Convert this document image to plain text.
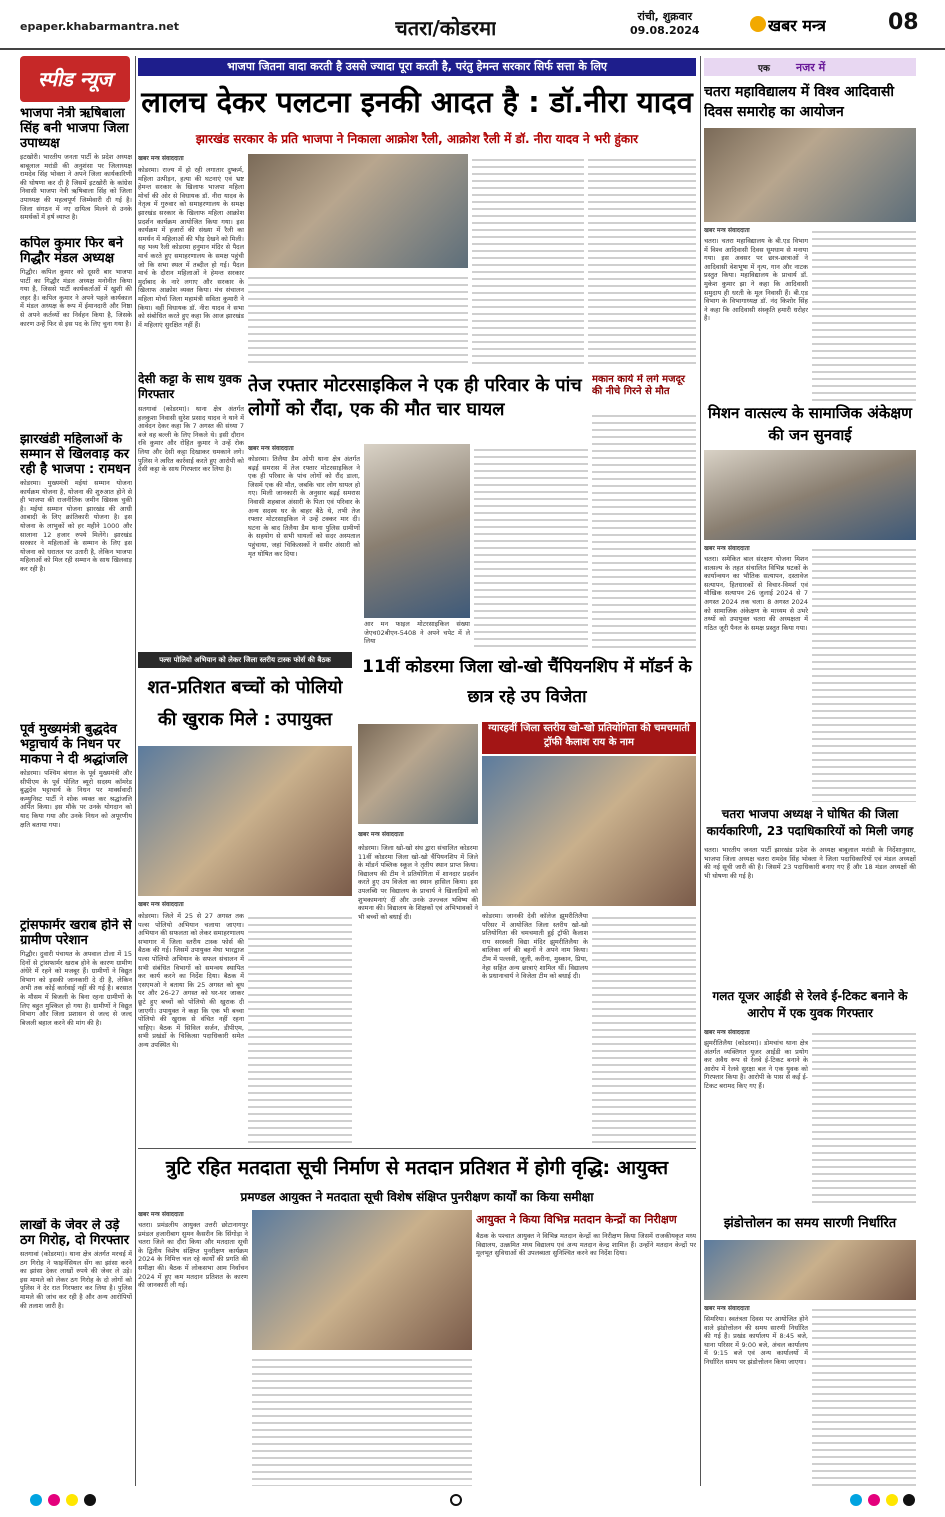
epaper.khabarmantra.net	चतरा/कोडरमा	रांची, शुक्रवार
09.08.2024	खबर मन्त्र	08
स्पीड न्यूज
भाजपा नेत्री ऋषिबाला सिंह बनी भाजपा जिला उपाध्यक्ष
इटखोरी। भारतीय जनता पार्टी के प्रदेश अध्यक्ष बाबूलाल मरांडी की अनुशंसा पर जिलाध्यक्ष रामदेव सिंह भोक्ता ने अपने जिला कार्यकारिणी की घोषणा कर दी है जिसमें इटखोरी के कांग्रेस निवासी भाजपा नेत्री ऋषिबाला सिंह को जिला उपाध्यक्ष की महत्वपूर्ण जिम्मेवारी दी गई है। जिला संगठन में नए दायित्व मिलने से उनके समर्थकों में हर्ष व्याप्त है।
कपिल कुमार फिर बने गिद्धौर मंडल अध्यक्ष
गिद्धौर। कपिल कुमार को दूसरी बार भाजपा पार्टी का गिद्धौर मंडल अध्यक्ष मनोनीत किया गया है, जिससे पार्टी कार्यकर्ताओं में खुशी की लहर है। कपिल कुमार ने अपने पहले कार्यकाल में मंडल अध्यक्ष के रूप में ईमानदारी और निष्ठा से अपने कर्तव्यों का निर्वहन किया है, जिसके कारण उन्हें फिर से इस पद के लिए चुना गया है।
झारखंडी महिलाओं के सम्मान से खिलवाड़ कर रही है भाजपा : रामधन
कोडरमा। मुख्यमंत्री मईयां सम्मान योजना कार्यक्रम योजना है, योजना की शुरुआत होने से ही भाजपा की राजनीतिक जमीन खिसक चुकी है। मईयां सम्मान योजना झारखंड की आधी आबादी के लिए क्रांतिकारी योजना है। इस योजना के लाभुकों को हर महीने 1000 और सालाना 12 हजार रुपये मिलेंगे। झारखंड सरकार ने महिलाओं के सम्मान के लिए इस योजना को धरातल पर उतारी है, लेकिन भाजपा महिलाओं को मिल रही सम्मान के साथ खिलवाड़ कर रही है।
पूर्व मुख्यमंत्री बुद्धदेव भट्टाचार्य के निधन पर माकपा ने दी श्रद्धांजलि
कोडरमा। पश्चिम बंगाल के पूर्व मुख्यमंत्री और सीपीएम के पूर्व पोलित ब्यूरो सदस्य कॉमरेड बुद्धदेव भट्टाचार्य के निधन पर मार्क्सवादी कम्युनिस्ट पार्टी ने शोक व्यक्त कर श्रद्धांजलि अर्पित किया। इस मौके पर उनके योगदान को याद किया गया और उनके निधन को अपूरणीय क्षति बताया गया।
ट्रांसफार्मर खराब होने से ग्रामीण परेशान
गिद्धौर। दुवारी पंचायत के अपवाल टोला में 15 दिनों से ट्रांसफार्मर खराब होने के कारण ग्रामीण अंधेरे में रहने को मजबूर हैं। ग्रामीणों ने विद्युत विभाग को इसकी जानकारी दे दी है, लेकिन अभी तक कोई कार्रवाई नहीं की गई है। बरसात के मौसम में बिजली के बिना रहना ग्रामीणों के लिए बहुत मुश्किल हो गया है। ग्रामीणों ने विद्युत विभाग और जिला प्रशासन से जल्द से जल्द बिजली बहाल करने की मांग की है।
लाखों के जेवर ले उड़े ठग गिरोह, दो गिरफ्तार
सतगावां (कोडरमा)। थाना क्षेत्र अंतर्गत मरचई में ठग गिरोह ने फाइनेंसियल सेंग का झांसा करने का झांसा देकर लाखों रुपये की जेवर ले उड़े। इस मामले को लेकर ठग गिरोह के दो लोगों को पुलिस ने देर रात गिरफ्तार कर लिया है। पुलिस मामले की जांच कर रही है और अन्य आरोपियों की तलाश जारी है।
भाजपा जितना वादा करती है उससे ज्यादा पूरा करती है, परंतु हेमन्त सरकार सिर्फ सत्ता के लिए
लालच देकर पलटना इनकी आदत है : डॉ.नीरा यादव
झारखंड सरकार के प्रति भाजपा ने निकाला आक्रोश रैली, आक्रोश रैली में डॉ. नीरा यादव ने भरी हुंकार
खबर मन्त्र संवाददाता
कोडरमा। राज्य में हो रही लगातार दुष्कर्म, महिला उत्पीड़न, हत्या की घटनाएं एवं भ्रष्ट हेमन्त सरकार के खिलाफ भाजपा महिला मोर्चा की ओर से विधायक डॉ. नीरा यादव के नेतृत्व में गुरुवार को समाहरणालय के समक्ष झारखंड सरकार के खिलाफ महिला आक्रोश प्रदर्शन कार्यक्रम आयोजित किया गया। इस कार्यक्रम में हजारों की संख्या में रैली का समर्थन में महिलाओं की भीड़ देखने को मिली। यह भव्य रैली कोडरमा हनुमान मंदिर से पैदल मार्च करते हुए समाहरणालय के समक्ष पहुंची जो कि सभा स्थल में तब्दील हो गई। पैदल मार्च के दौरान महिलाओं ने हेमन्त सरकार मुर्दाबाद के नारे लगाए और सरकार के खिलाफ आक्रोश व्यक्त किया। मंच संचालन महिला मोर्चा जिला महामंत्री सविता कुमारी ने किया। वहीं विधायक डॉ. नीरा यादव ने सभा को संबोधित करते हुए कहा कि आज झारखंड में महिलाएं सुरक्षित नहीं हैं।
देसी कट्टा के साथ युवक गिरफ्तार
सतगावां (कोडरमा)। थाना क्षेत्र अंतर्गत हलकुशा निवासी सुरेश प्रसाद यादव ने थाने में आवेदन देकर कहा कि 7 अगस्त की संध्या 7 बजे वह बल्ली के लिए निकले थे। इसी दौरान रवि कुमार और रोहित कुमार ने उन्हें रोक लिया और देसी कट्टा दिखाकर धमकाने लगे। पुलिस ने त्वरित कार्रवाई करते हुए आरोपी को देसी कट्टा के साथ गिरफ्तार कर लिया है।
तेज रफ्तार मोटरसाइकिल ने एक ही परिवार के पांच लोगों को रौंदा, एक की मौत चार घायल
खबर मन्त्र संवाददाता
कोडरमा। तिलैया डैम ओपी थाना क्षेत्र अंतर्गत बढ़ई समरास में तेज रफ्तार मोटरसाइकिल ने एक ही परिवार के पांच लोगों को रौंद डाला, जिसमें एक की मौत, जबकि चार लोग घायल हो गए। मिली जानकारी के अनुसार बढ़ई समरास निवासी शहबाज अंसारी के पिता एवं परिवार के अन्य सदस्य घर के बाहर बैठे थे, तभी तेज रफ्तार मोटरसाइकिल ने उन्हें टक्कर मार दी। घटना के बाद तिलैया डैम थाना पुलिस ग्रामीणों के सहयोग से सभी घायलों को सदर अस्पताल पहुंचाया, जहां चिकित्सकों ने समीर अंसारी को मृत घोषित कर दिया।
आर मन फाइल मोटरसाइकिल संख्या जेएच02बीएन-5408 ने अपने चपेट में ले लिया
मकान कार्य में लगे मजदूर की नीचे गिरने से मौत
पल्स पोलियो अभियान को लेकर जिला स्तरीय टास्क फोर्स की बैठक
शत-प्रतिशत बच्चों को पोलियो की खुराक मिले : उपायुक्त
खबर मन्त्र संवाददाता
कोडरमा। जिले में 25 से 27 अगस्त तक पल्स पोलियो अभियान चलाया जाएगा। अभियान की सफलता को लेकर समाहरणालय सभागार में जिला स्तरीय टास्क फोर्स की बैठक की गई। जिसमें उपायुक्त मेघा भारद्वाज पल्स पोलियो अभियान के सफल संचालन में सभी संबंधित विभागों को समन्वय स्थापित कर कार्य करने का निर्देश दिया। बैठक में एसएमओ ने बताया कि 25 अगस्त को बूथ पर और 26-27 अगस्त को घर-घर जाकर छूटे हुए बच्चों को पोलियो की खुराक दी जाएगी। उपायुक्त ने कहा कि एक भी बच्चा पोलियो की खुराक से वंचित नहीं रहना चाहिए। बैठक में सिविल सर्जन, डीपीएम, सभी प्रखंडों के चिकित्सा पदाधिकारी समेत अन्य उपस्थित थे।
11वीं कोडरमा जिला खो-खो चैंपियनशिप में मॉडर्न के छात्र रहे उप विजेता
ग्यारहवीं जिला स्तरीय खो-खो प्रतियोगिता की चमचमाती ट्रॉफी कैलाश राय के नाम
खबर मन्त्र संवाददाता
कोडरमा। जिला खो-खो संघ द्वारा संचालित कोडरमा 11वीं कोडरमा जिला खो-खो चैंपियनशिप में जिले के मॉडर्न पब्लिक स्कूल ने तृतीय स्थान प्राप्त किया। विद्यालय की टीम ने प्रतियोगिता में शानदार प्रदर्शन करते हुए उप विजेता का स्थान हासिल किया। इस उपलब्धि पर विद्यालय के प्राचार्य ने खिलाड़ियों को शुभकामनाएं दीं और उनके उज्ज्वल भविष्य की कामना की। विद्यालय के शिक्षकों एवं अभिभावकों ने भी बच्चों को बधाई दी।	कोडरमा। जानकी देवी कॉलेज झुमरीतिलैया परिसर में आयोजित जिला स्तरीय खो-खो प्रतियोगिता की चमचमाती हुई ट्रॉफी कैलाश राय सरस्वती विद्या मंदिर झुमरीतिलैया के बालिका वर्ग की बहनों ने अपने नाम किया। टीम में पल्लवी, जूली, करीना, मुस्कान, प्रिया, नेहा सहित अन्य छात्राएं शामिल थीं। विद्यालय के प्रधानाचार्य ने विजेता टीम को बधाई दी।
त्रुटि रहित मतदाता सूची निर्माण से मतदान प्रतिशत में होगी वृद्धि: आयुक्त
प्रमण्डल आयुक्त ने मतदाता सूची विशेष संक्षिप्त पुनरीक्षण कार्यों का किया समीक्षा
खबर मन्त्र संवाददाता
चतरा। प्रमंडलीय आयुक्त उत्तरी छोटानागपुर प्रमंडल हजारीबाग सुमन कैसरीन कि सिंगोड़ा ने चतरा जिले का दौरा किया और मतदाता सूची के द्वितीय विशेष संक्षिप्त पुनरीक्षण कार्यक्रम 2024 के निमित्त चल रहे कार्यों की प्रगति की समीक्षा की। बैठक में लोकसभा आम निर्वाचन 2024 में हुए कम मतदान प्रतिशत के कारण की जानकारी ली गई।
आयुक्त ने किया विभिन्न मतदान केन्द्रों का निरीक्षण
बैठक के पश्चात आयुक्त ने विभिन्न मतदान केन्द्रों का निरीक्षण किया जिसमें राजकीयकृत मध्य विद्यालय, उत्क्रमित मध्य विद्यालय एवं अन्य मतदान केन्द्र शामिल हैं। उन्होंने मतदान केन्द्रों पर मूलभूत सुविधाओं की उपलब्धता सुनिश्चित करने का निर्देश दिया।
एक नजर में
चतरा महाविद्यालय में विश्व आदिवासी दिवस समारोह का आयोजन
खबर मन्त्र संवाददाता
चतरा। चतरा महाविद्यालय के बी.एड विभाग में विश्व आदिवासी दिवस धूमधाम से मनाया गया। इस अवसर पर छात्र-छात्राओं ने आदिवासी वेशभूषा में नृत्य, गान और नाटक प्रस्तुत किया। महाविद्यालय के प्राचार्य डॉ. मुकेश कुमार झा ने कहा कि आदिवासी समुदाय ही धरती के मूल निवासी हैं। बी.एड विभाग के विभागाध्यक्ष डॉ. नंद किशोर सिंह ने कहा कि आदिवासी संस्कृति हमारी धरोहर है।
मिशन वात्सल्य के सामाजिक अंकेक्षण की जन सुनवाई
खबर मन्त्र संवाददाता
चतरा। समेकित बाल संरक्षण योजना मिशन वात्सल्य के तहत संचालित विभिन्न घटकों के कार्यान्वयन का भौतिक सत्यापन, दस्तावेज सत्यापन, हितधारकों से विचार-विमर्श एवं मौखिक सत्यापन 26 जुलाई 2024 से 7 अगस्त 2024 तक चला। 8 अगस्त 2024 को सामाजिक अंकेक्षण के माध्यम से उभरे तथ्यों को उपायुक्त चतरा की अध्यक्षता में गठित जूरी पैनल के समक्ष प्रस्तुत किया गया।
चतरा भाजपा अध्यक्ष ने घोषित की जिला कार्यकारिणी, 23 पदाधिकारियों को मिली जगह
चतरा। भारतीय जनता पार्टी झारखंड प्रदेश के अध्यक्ष बाबूलाल मरांडी के निर्देशानुसार, भाजपा जिला अध्यक्ष चतरा रामदेव सिंह भोक्ता ने जिला पदाधिकारियों एवं मंडल अध्यक्षों की नई सूची जारी की है। जिसमें 23 पदाधिकारी बनाए गए हैं और 18 मंडल अध्यक्षों की भी घोषणा की गई है।
गलत यूजर आईडी से रेलवे ई-टिकट बनाने के आरोप में एक युवक गिरफ्तार
खबर मन्त्र संवाददाता
झुमरीतिलैया (कोडरमा)। डोमचांच थाना क्षेत्र अंतर्गत व्यक्तिगत यूजर आईडी का प्रयोग कर अवैध रूप से रेलवे ई-टिकट बनाने के आरोप में रेलवे सुरक्षा बल ने एक युवक को गिरफ्तार किया है। आरोपी के पास से कई ई-टिकट बरामद किए गए हैं।
झंडोत्तोलन का समय सारणी निर्धारित
खबर मन्त्र संवाददाता
सिमरिया। स्वतंत्रता दिवस पर आयोजित होने वाले झंडोत्तोलन की समय सारणी निर्धारित की गई है। प्रखंड कार्यालय में 8:45 बजे, थाना परिसर में 9:00 बजे, अंचल कार्यालय में 9:15 बजे एवं अन्य कार्यालयों में निर्धारित समय पर झंडोत्तोलन किया जाएगा।
